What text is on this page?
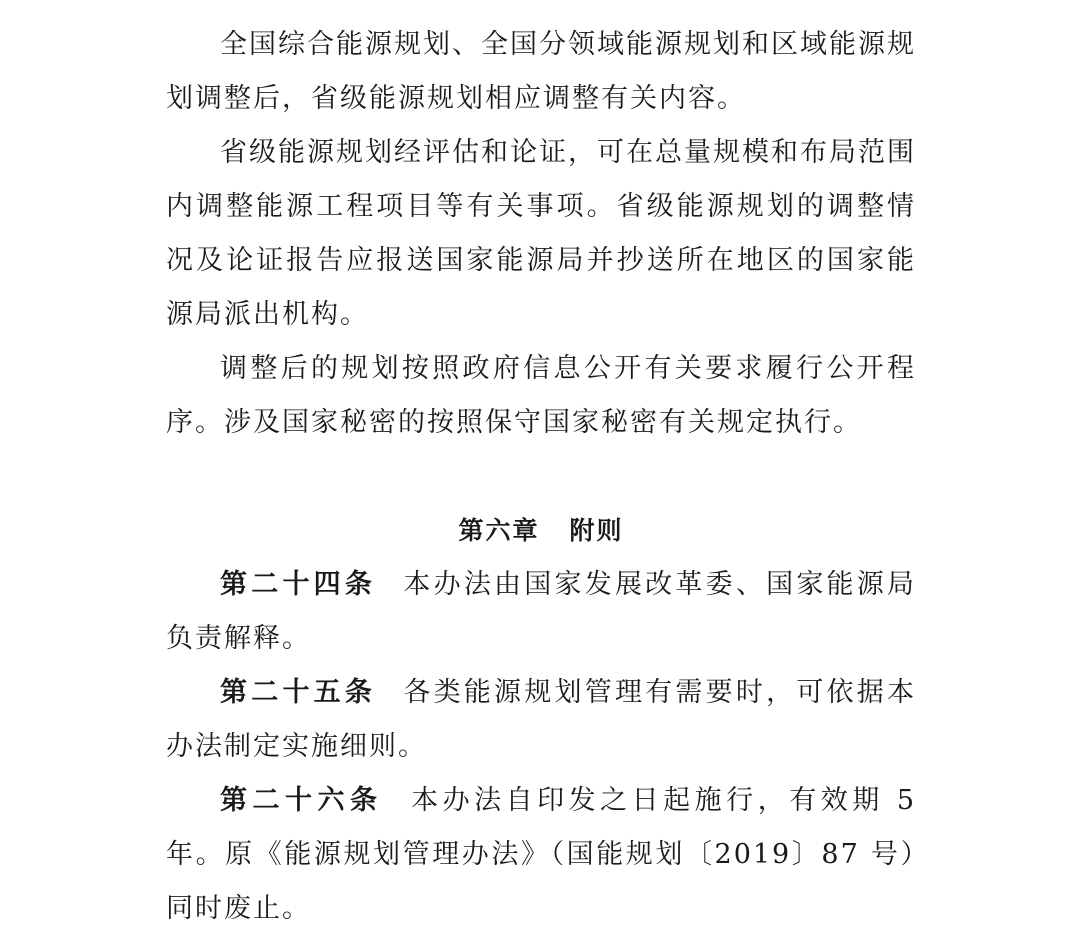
全国综合能源规划、全国分领域能源规划和区域能源规划调整后，省级能源规划相应调整有关内容。

省级能源规划经评估和论证，可在总量规模和布局范围内调整能源工程项目等有关事项。省级能源规划的调整情况及论证报告应报送国家能源局并抄送所在地区的国家能源局派出机构。

调整后的规划按照政府信息公开有关要求履行公开程序。涉及国家秘密的按照保守国家秘密有关规定执行。

第六章 附则

第二十四条 本办法由国家发展改革委、国家能源局负责解释。

第二十五条 各类能源规划管理有需要时，可依据本办法制定实施细则。

第二十六条 本办法自印发之日起施行，有效期 5 年。原《能源规划管理办法》（国能规划〔2019〕87 号）同时废止。
